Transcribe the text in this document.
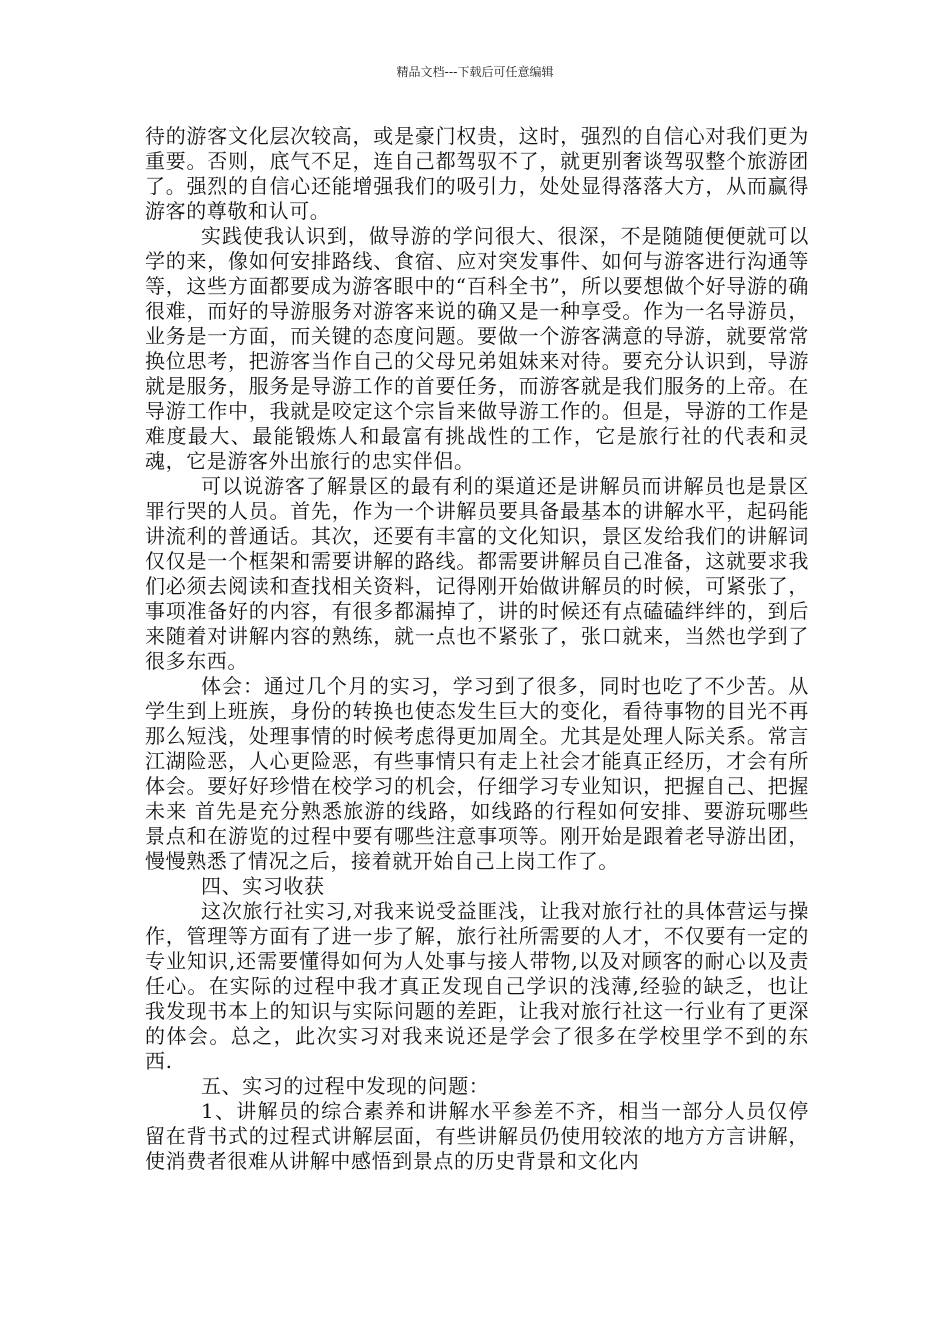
精品文档---下载后可任意编辑

待的游客文化层次较高，或是豪门权贵，这时，强烈的自信心对我们更为重要。否则，底气不足，连自己都驾驭不了，就更别奢谈驾驭整个旅游团了。强烈的自信心还能增强我们的吸引力，处处显得落落大方，从而赢得游客的尊敬和认可。

实践使我认识到，做导游的学问很大、很深，不是随随便便就可以学的来，像如何安排路线、食宿、应对突发事件、如何与游客进行沟通等等，这些方面都要成为游客眼中的“百科全书”，所以要想做个好导游的确很难，而好的导游服务对游客来说的确又是一种享受。作为一名导游员，业务是一方面，而关键的态度问题。要做一个游客满意的导游，就要常常换位思考，把游客当作自己的父母兄弟姐妹来对待。要充分认识到，导游就是服务，服务是导游工作的首要任务，而游客就是我们服务的上帝。在导游工作中，我就是咬定这个宗旨来做导游工作的。但是，导游的工作是难度最大、最能锻炼人和最富有挑战性的工作，它是旅行社的代表和灵魂，它是游客外出旅行的忠实伴侣。

可以说游客了解景区的最有利的渠道还是讲解员而讲解员也是景区罪行哭的人员。首先，作为一个讲解员要具备最基本的讲解水平，起码能讲流利的普通话。其次，还要有丰富的文化知识，景区发给我们的讲解词仅仅是一个框架和需要讲解的路线。都需要讲解员自己准备，这就要求我们必须去阅读和查找相关资料，记得刚开始做讲解员的时候，可紧张了，事项准备好的内容，有很多都漏掉了，讲的时候还有点磕磕绊绊的，到后来随着对讲解内容的熟练，就一点也不紧张了，张口就来，当然也学到了很多东西。

体会：通过几个月的实习，学习到了很多，同时也吃了不少苦。从学生到上班族，身份的转换也使态发生巨大的变化，看待事物的目光不再那么短浅，处理事情的时候考虑得更加周全。尤其是处理人际关系。常言江湖险恶，人心更险恶，有些事情只有走上社会才能真正经历，才会有所体会。要好好珍惜在校学习的机会，仔细学习专业知识，把握自己、把握未来 首先是充分熟悉旅游的线路，如线路的行程如何安排、要游玩哪些景点和在游览的过程中要有哪些注意事项等。刚开始是跟着老导游出团，慢慢熟悉了情况之后，接着就开始自己上岗工作了。

四、实习收获

这次旅行社实习,对我来说受益匪浅，让我对旅行社的具体营运与操作，管理等方面有了进一步了解，旅行社所需要的人才，不仅要有一定的专业知识,还需要懂得如何为人处事与接人带物,以及对顾客的耐心以及责任心。在实际的过程中我才真正发现自己学识的浅薄,经验的缺乏，也让我发现书本上的知识与实际问题的差距，让我对旅行社这一行业有了更深的体会。总之，此次实习对我来说还是学会了很多在学校里学不到的东西.

五、实习的过程中发现的问题：

1、讲解员的综合素养和讲解水平参差不齐，相当一部分人员仅停留在背书式的过程式讲解层面，有些讲解员仍使用较浓的地方方言讲解，使消费者很难从讲解中感悟到景点的历史背景和文化内
